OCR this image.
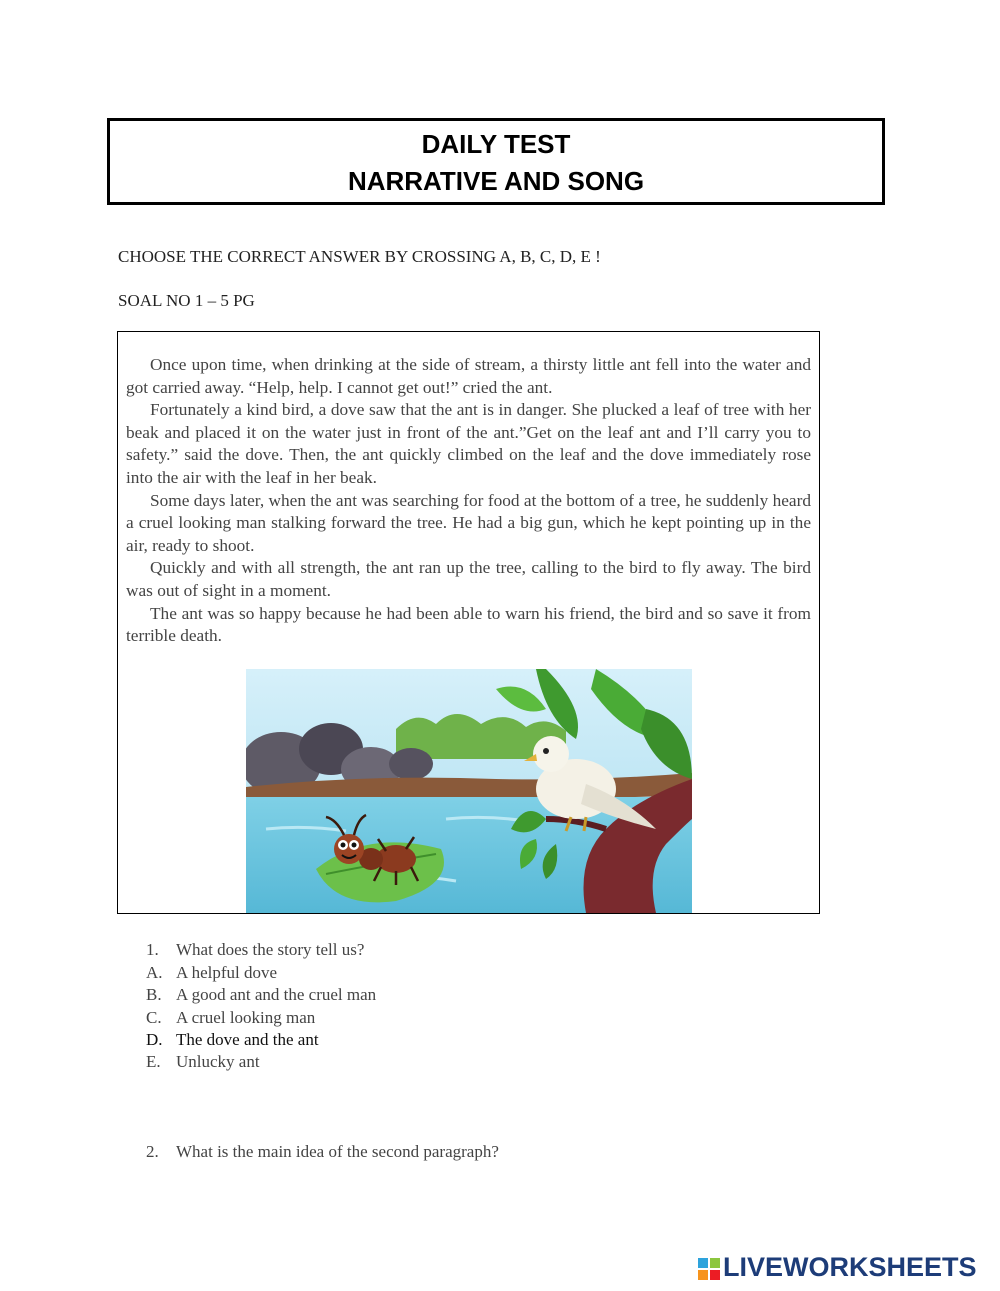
DAILY TEST
NARRATIVE AND SONG
CHOOSE THE CORRECT ANSWER BY CROSSING A, B, C, D, E !
SOAL NO 1 – 5 PG

Once upon time, when drinking at the side of stream, a thirsty little ant fell into the water and got carried away. “Help, help. I cannot get out!” cried the ant.

Fortunately a kind bird, a dove saw that the ant is in danger. She plucked a leaf of tree with her beak and placed it on the water just in front of the ant.”Get on the leaf ant and I’ll carry you to safety.” said the dove. Then, the ant quickly climbed on the leaf and the dove immediately rose into the air with the leaf in her beak.

Some days later, when the ant was searching for food at the bottom of a tree, he suddenly heard a cruel looking man stalking forward the tree. He had a big gun, which he kept pointing up in the air, ready to shoot.

Quickly and with all strength, the ant ran up the tree, calling to the bird to fly away. The bird was out of sight in a moment.

The ant was so happy because he had been able to warn his friend, the bird and so save it from terrible death.

1. What does the story tell us?
A. A helpful dove
B. A good ant and the cruel man
C. A cruel looking man
D. The dove and the ant
E. Unlucky ant
2. What is the main idea of the second paragraph?
LIVEWORKSHEETS
